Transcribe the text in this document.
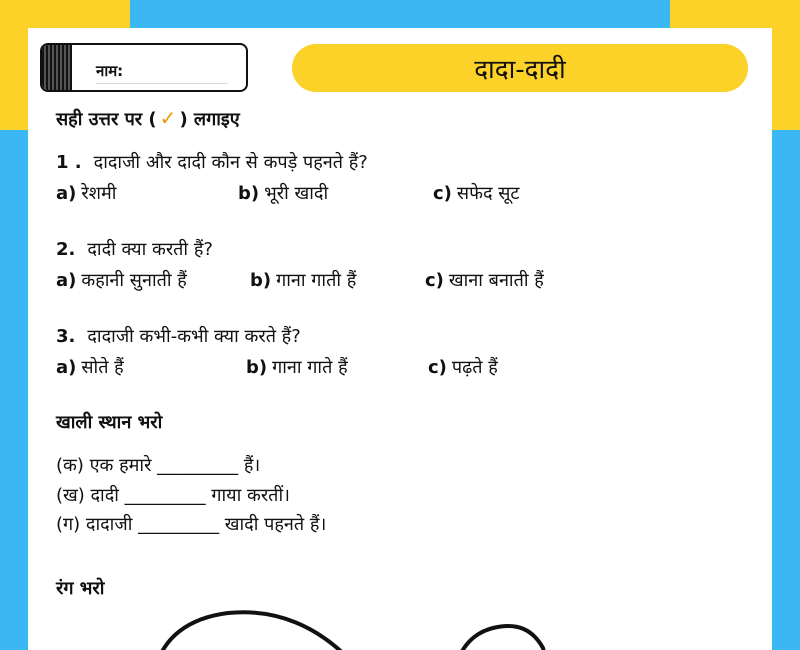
नाम:	दादा-दादी
सही उत्तर पर ( ✓ ) लगाइए
1 . दादाजी और दादी कौन से कपड़े पहनते हैं?
a) रेशमी	b) भूरी खादी	c) सफेद सूट
2. दादी क्या करती हैं?
a) कहानी सुनाती हैं	b) गाना गाती हैं	c) खाना बनाती हैं
3. दादाजी कभी-कभी क्या करते हैं?
a) सोते हैं	b) गाना गाते हैं	c) पढ़ते हैं
खाली स्थान भरो
(क) एक हमारे _________ हैं।
(ख) दादी _________ गाया करतीं।
(ग) दादाजी _________ खादी पहनते हैं।
रंग भरो
